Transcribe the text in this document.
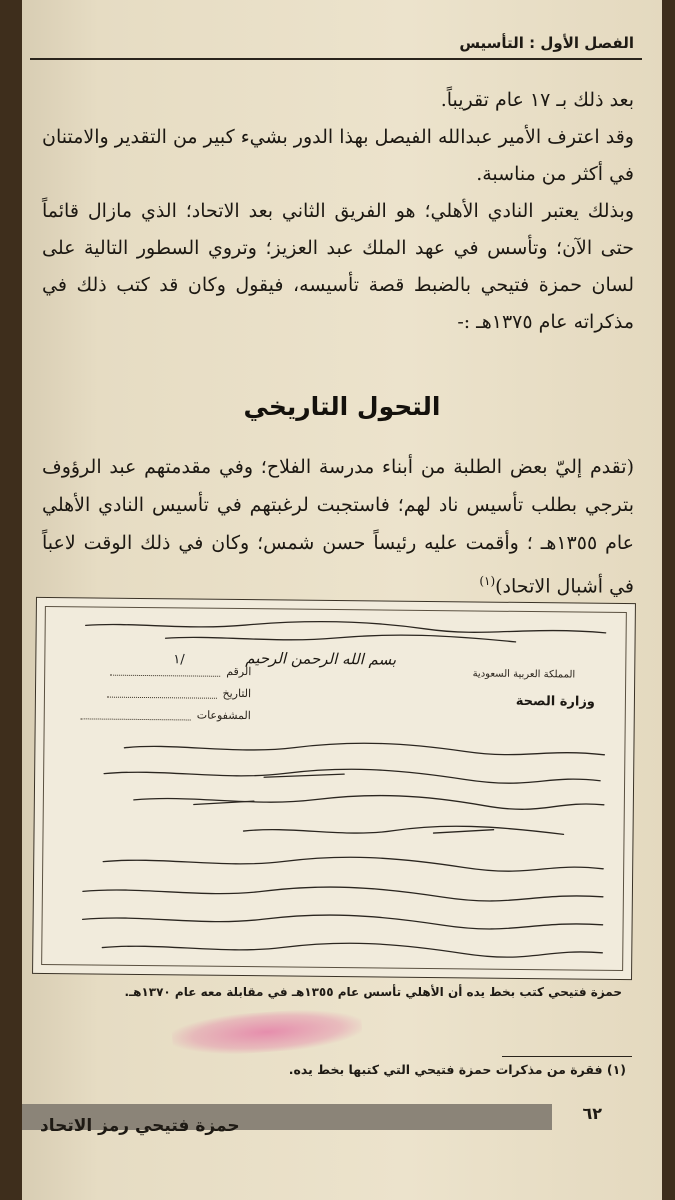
الفصل الأول : التأسيس

بعد ذلك بـ ١٧ عام تقريباً.

وقد اعترف الأمير عبدالله الفيصل بهذا الدور بشيء كبير من التقدير والامتنان في أكثر من مناسبة.

وبذلك يعتبر النادي الأهلي؛ هو الفريق الثاني بعد الاتحاد؛ الذي مازال قائماً حتى الآن؛ وتأسس في عهد الملك عبد العزيز؛ وتروي السطور التالية على لسان حمزة فتيحي بالضبط قصة تأسيسه، فيقول وكان قد كتب ذلك في مذكراته عام ١٣٧٥هـ :-

التحول التاريخي
(تقدم إليّ بعض الطلبة من أبناء مدرسة الفلاح؛ وفي مقدمتهم عبد الرؤوف بترجي بطلب تأسيس ناد لهم؛ فاستجبت لرغبتهم في تأسيس النادي الأهلي عام ١٣٥٥هـ ؛ وأقمت عليه رئيساً حسن شمس؛ وكان في ذلك الوقت لاعباً في أشبال الاتحاد)$^{(١)}$
بسم الله الرحمن الرحيم
١/
الرقم
التاريخ
المشفوعات
المملكة العربية السعودية
وزارة الصحة
حمزة فتيحي كتب بخط يده أن الأهلي تأسس عام ١٣٥٥هـ في مقابلة معه عام ١٣٧٠هـ.
(١) فقرة من مذكرات حمزة فتيحي التي كتبها بخط يده.
٦٢
حمزة فتيحي رمز الاتحاد
